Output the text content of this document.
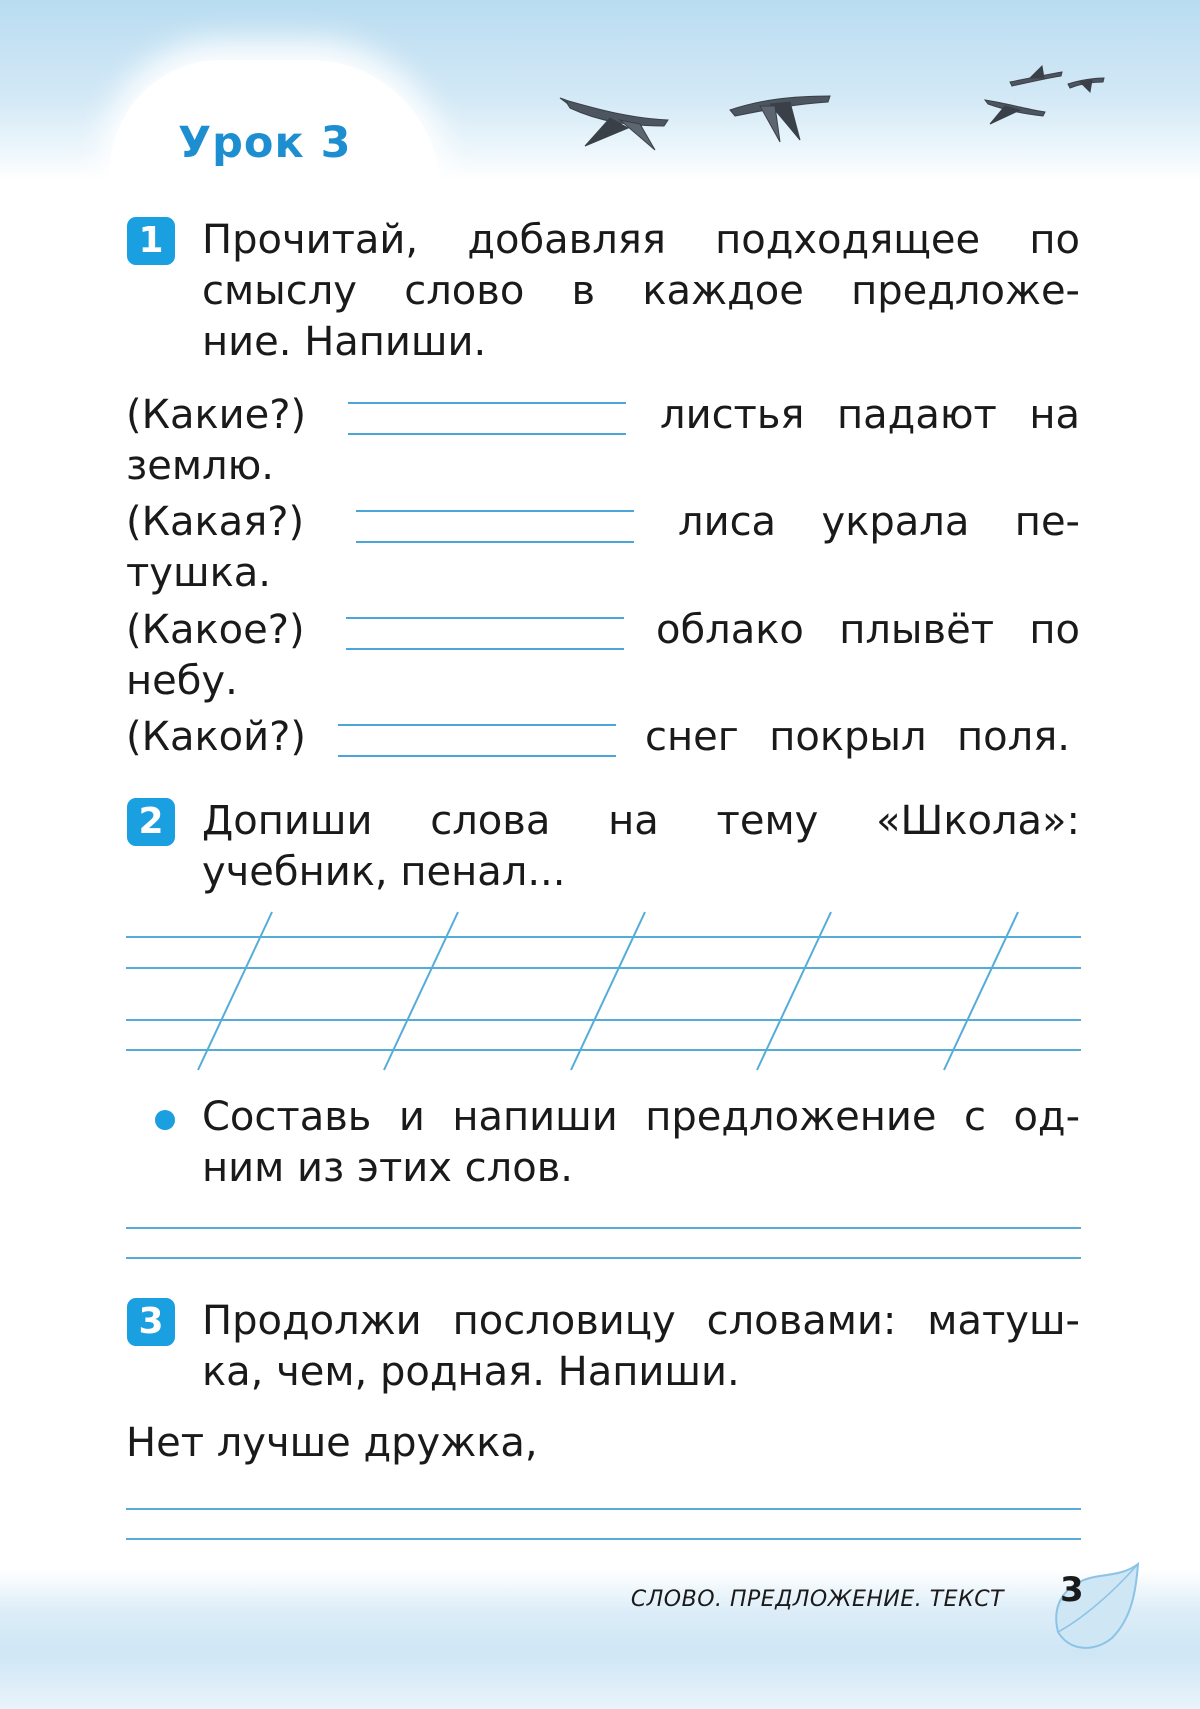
Урок 3
1 Прочитай, добавляя подходящее по
смыслу слово в каждое предложе-
ние. Напиши.
(Какие?)	листья падают на
землю.
(Какая?)	лиса украла пе-
тушка.
(Какое?)	облако плывёт по
небу.
(Какой?)	снег покрыл поля.
2 Допиши слова на тему «Школа»:
учебник, пенал...
Составь и напиши предложение с од-
ним из этих слов.
3 Продолжи пословицу словами: матуш-
ка, чем, родная. Напиши.
Нет лучше дружка,
СЛОВО. ПРЕДЛОЖЕНИЕ. ТЕКСТ 3
